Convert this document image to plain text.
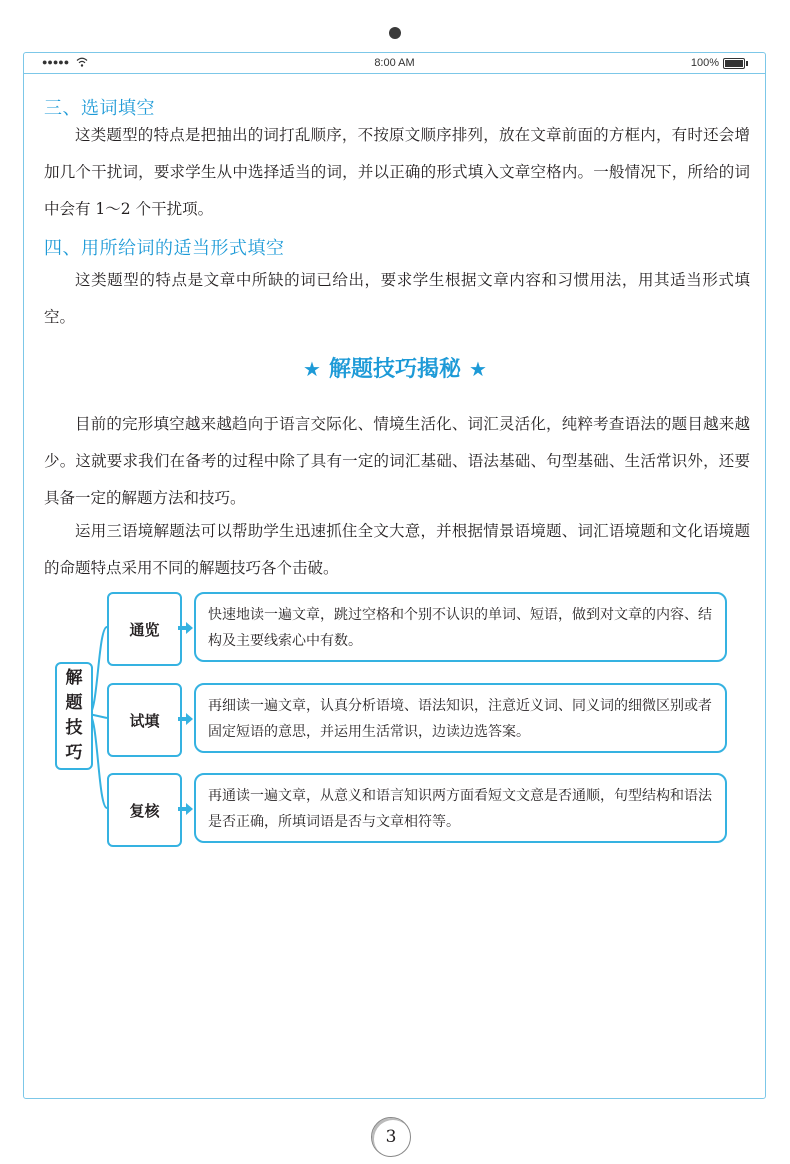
●●●●●	8:00 AM	100%
三、选词填空
这类题型的特点是把抽出的词打乱顺序，不按原文顺序排列，放在文章前面的方框内，有时还会增加几个干扰词，要求学生从中选择适当的词，并以正确的形式填入文章空格内。一般情况下，所给的词中会有 1～2 个干扰项。
四、用所给词的适当形式填空
这类题型的特点是文章中所缺的词已给出，要求学生根据文章内容和习惯用法，用其适当形式填空。
★ 解题技巧揭秘 ★
目前的完形填空越来越趋向于语言交际化、情境生活化、词汇灵活化，纯粹考查语法的题目越来越少。这就要求我们在备考的过程中除了具有一定的词汇基础、语法基础、句型基础、生活常识外，还要具备一定的解题方法和技巧。
运用三语境解题法可以帮助学生迅速抓住全文大意，并根据情景语境题、词汇语境题和文化语境题的命题特点采用不同的解题技巧各个击破。
解
题
技
巧
通览
快速地读一遍文章，跳过空格和个别不认识的单词、短语，做到对文章的内容、结构及主要线索心中有数。
试填
再细读一遍文章，认真分析语境、语法知识，注意近义词、同义词的细微区别或者固定短语的意思，并运用生活常识，边读边选答案。
复核
再通读一遍文章，从意义和语言知识两方面看短文文意是否通顺，句型结构和语法是否正确，所填词语是否与文章相符等。
3
